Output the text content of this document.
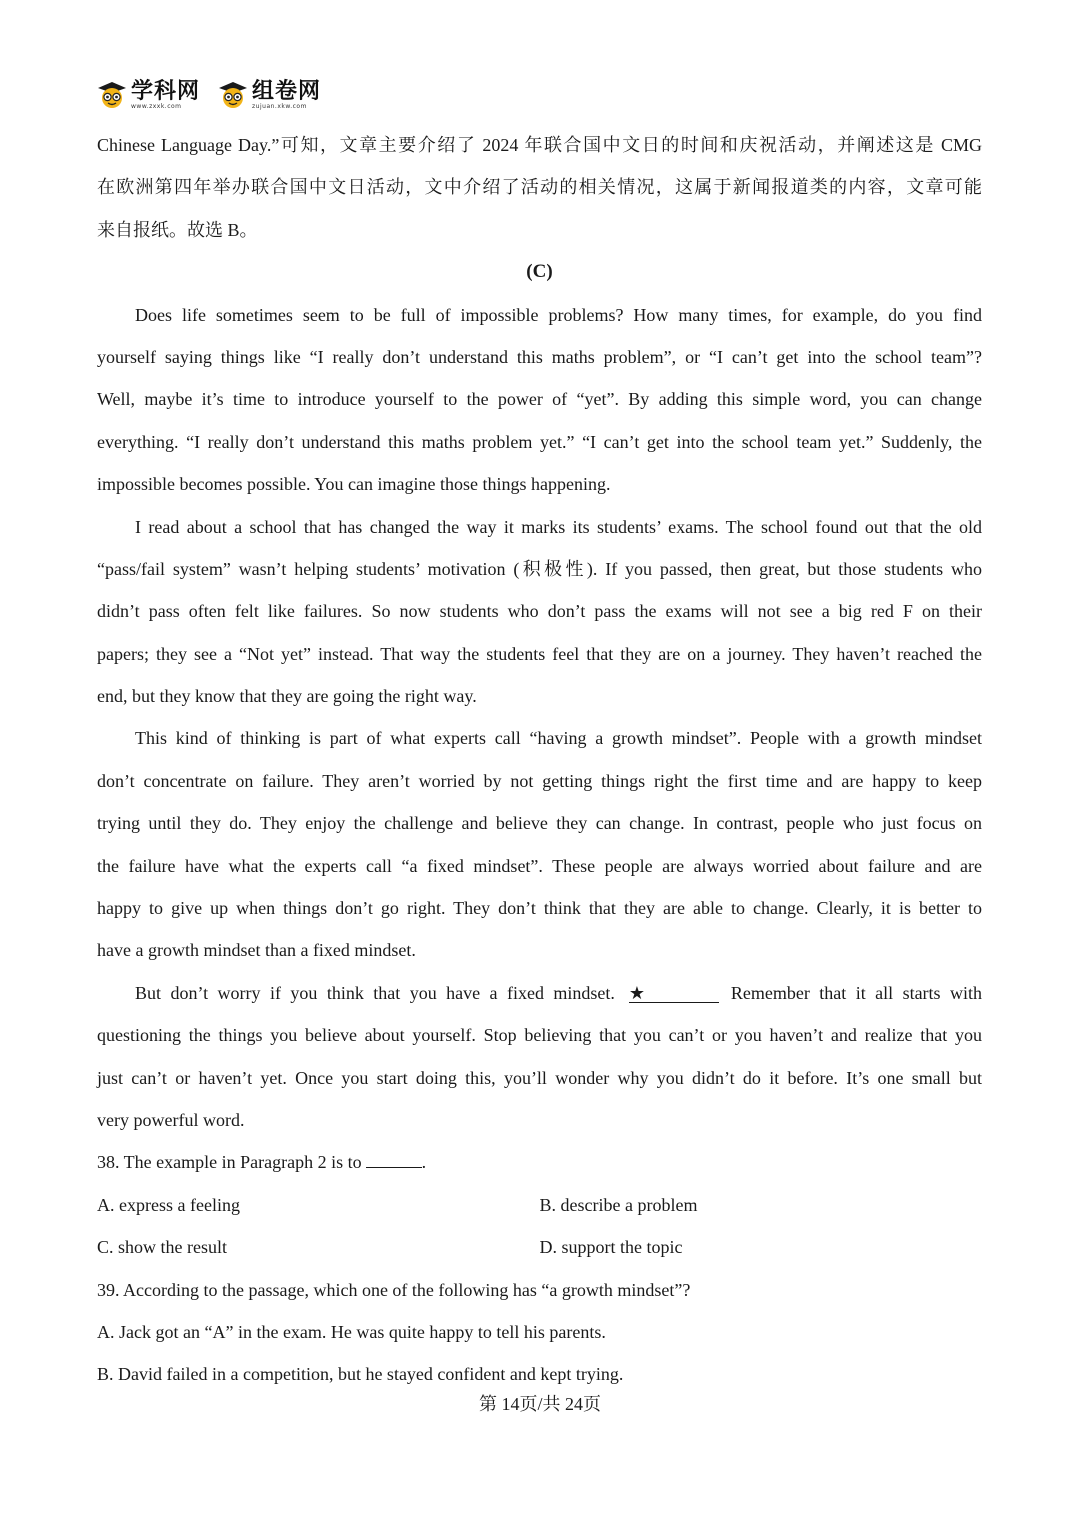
学科网
www.zxxk.com
组卷网
zujuan.xkw.com
Chinese Language Day.”可知，文章主要介绍了 2024 年联合国中文日的时间和庆祝活动，并阐述这是 CMG
在欧洲第四年举办联合国中文日活动，文中介绍了活动的相关情况，这属于新闻报道类的内容，文章可能
来自报纸。故选 B。
(C)
Does life sometimes seem to be full of impossible problems? How many times, for example, do you find
yourself saying things like “I really don’t understand this maths problem”, or “I can’t get into the school team”?
Well, maybe it’s time to introduce yourself to the power of “yet”. By adding this simple word, you can change
everything. “I really don’t understand this maths problem yet.” “I can’t get into the school team yet.” Suddenly, the
impossible becomes possible. You can imagine those things happening.
I read about a school that has changed the way it marks its students’ exams. The school found out that the old
“pass/fail system” wasn’t helping students’ motivation (积极性). If you passed, then great, but those students who
didn’t pass often felt like failures. So now students who don’t pass the exams will not see a big red F on their
papers; they see a “Not yet” instead. That way the students feel that they are on a journey. They haven’t reached the
end, but they know that they are going the right way.
This kind of thinking is part of what experts call “having a growth mindset”. People with a growth mindset
don’t concentrate on failure. They aren’t worried by not getting things right the first time and are happy to keep
trying until they do. They enjoy the challenge and believe they can change. In contrast, people who just focus on
the failure have what the experts call “a fixed mindset”. These people are always worried about failure and are
happy to give up when things don’t go right. They don’t think that they are able to change. Clearly, it is better to
have a growth mindset than a fixed mindset.
But don’t worry if you think that you have a fixed mindset. ★	Remember that it all starts with
questioning the things you believe about yourself. Stop believing that you can’t or you haven’t and realize that you
just can’t or haven’t yet. Once you start doing this, you’ll wonder why you didn’t do it before. It’s one small but
very powerful word.
38. The example in Paragraph 2 is to	.
A. express a feeling	B. describe a problem
C. show the result	D. support the topic
39. According to the passage, which one of the following has “a growth mindset”?
A. Jack got an “A” in the exam. He was quite happy to tell his parents.
B. David failed in a competition, but he stayed confident and kept trying.
第 14页/共 24页
